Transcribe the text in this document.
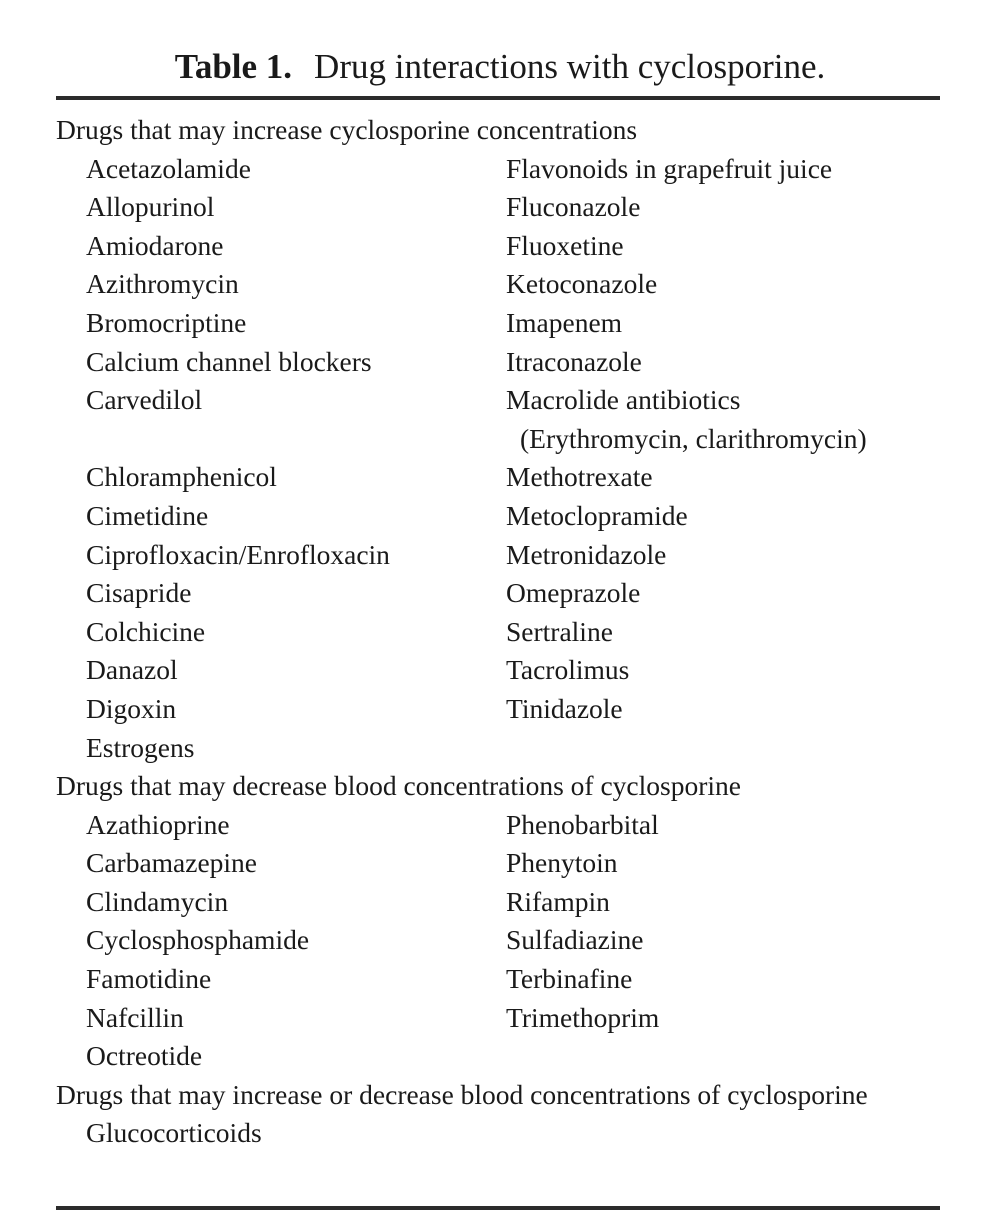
Table 1. Drug interactions with cyclosporine.
Drugs that may increase cyclosporine concentrations
Acetazolamide	Flavonoids in grapefruit juice
Allopurinol	Fluconazole
Amiodarone	Fluoxetine
Azithromycin	Ketoconazole
Bromocriptine	Imapenem
Calcium channel blockers	Itraconazole
Carvedilol	Macrolide antibiotics
(Erythromycin, clarithromycin)
Chloramphenicol	Methotrexate
Cimetidine	Metoclopramide
Ciprofloxacin/Enrofloxacin	Metronidazole
Cisapride	Omeprazole
Colchicine	Sertraline
Danazol	Tacrolimus
Digoxin	Tinidazole
Estrogens
Drugs that may decrease blood concentrations of cyclosporine
Azathioprine	Phenobarbital
Carbamazepine	Phenytoin
Clindamycin	Rifampin
Cyclosphosphamide	Sulfadiazine
Famotidine	Terbinafine
Nafcillin	Trimethoprim
Octreotide
Drugs that may increase or decrease blood concentrations of cyclosporine
Glucocorticoids
